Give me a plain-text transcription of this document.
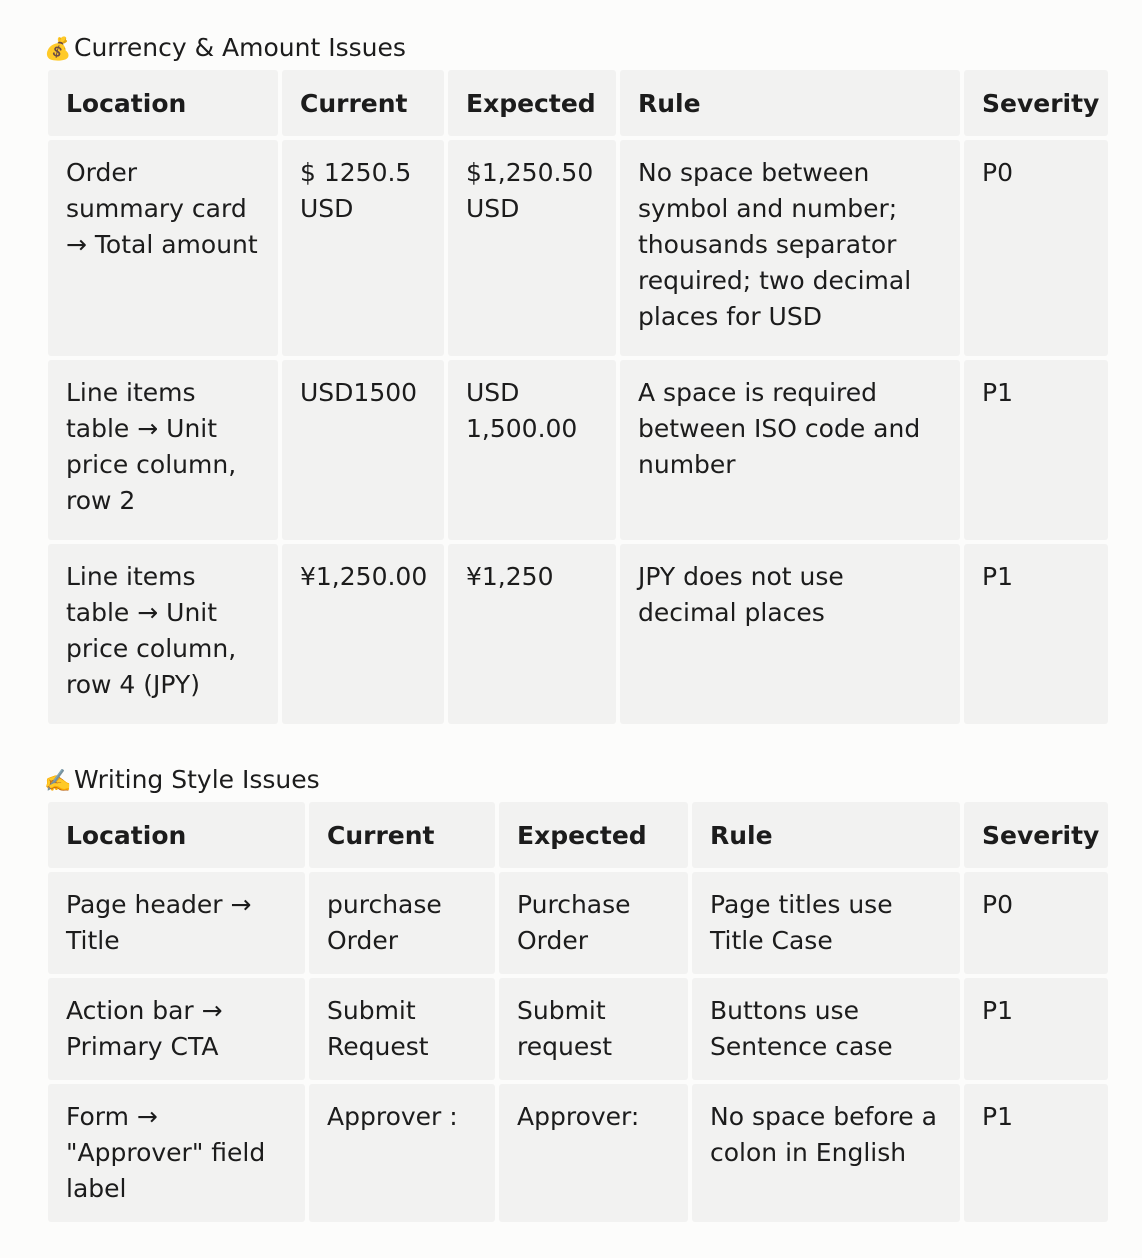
💰 Currency & Amount Issues
Location	Current	Expected	Rule	Severity
Order summary card → Total amount	$ 1250.5 USD	$1,250.50 USD	No space between symbol and number; thousands separator required; two decimal places for USD	P0
Line items table → Unit price column, row 2	USD1500	USD 1,500.00	A space is required between ISO code and number	P1
Line items table → Unit price column, row 4 (JPY)	¥1,250.00	¥1,250	JPY does not use decimal places	P1
✍️ Writing Style Issues
Location	Current	Expected	Rule	Severity
Page header → Title	purchase Order	Purchase Order	Page titles use Title Case	P0
Action bar → Primary CTA	Submit Request	Submit request	Buttons use Sentence case	P1
Form → "Approver" field label	Approver :	Approver:	No space before a colon in English	P1
